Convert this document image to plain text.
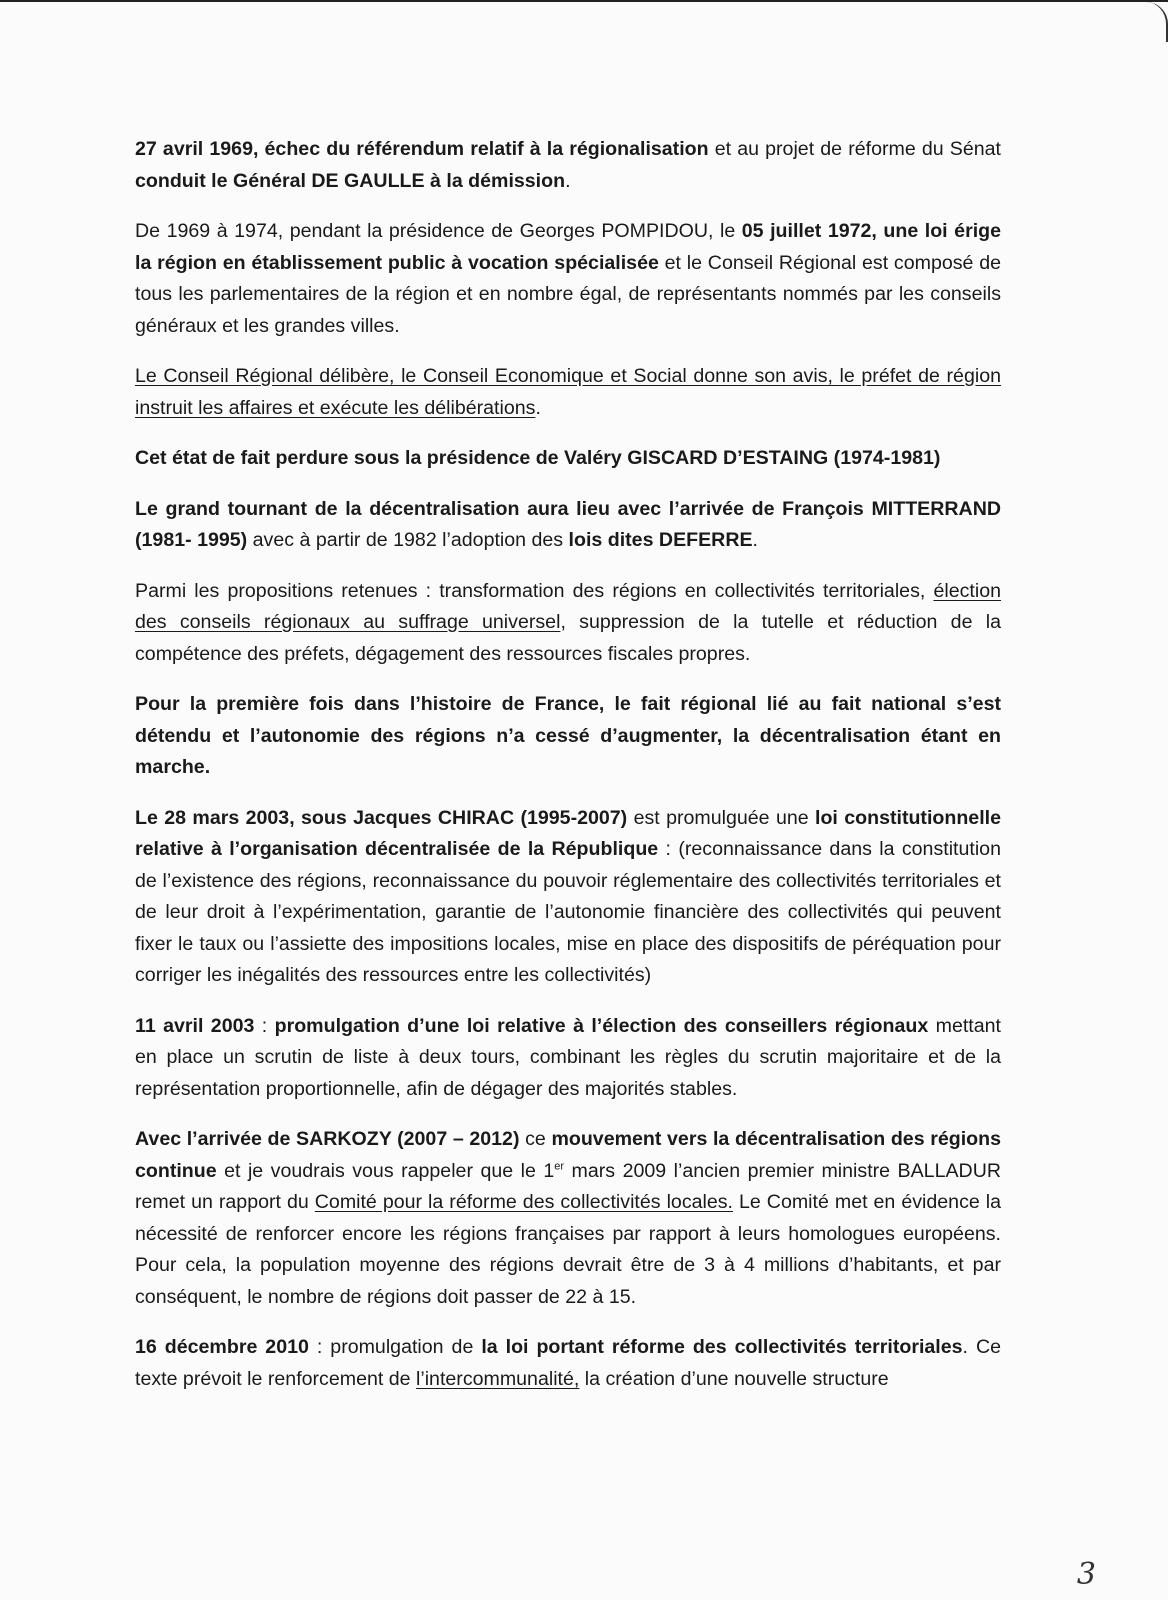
27 avril 1969, échec du référendum relatif à la régionalisation et au projet de réforme du Sénat conduit le Général DE GAULLE à la démission.

De 1969 à 1974, pendant la présidence de Georges POMPIDOU, le 05 juillet 1972, une loi érige la région en établissement public à vocation spécialisée et le Conseil Régional est composé de tous les parlementaires de la région et en nombre égal, de représentants nommés par les conseils généraux et les grandes villes.

Le Conseil Régional délibère, le Conseil Economique et Social donne son avis, le préfet de région instruit les affaires et exécute les délibérations.

Cet état de fait perdure sous la présidence de Valéry GISCARD D’ESTAING (1974-1981)

Le grand tournant de la décentralisation aura lieu avec l’arrivée de François MITTERRAND (1981- 1995) avec à partir de 1982 l’adoption des lois dites DEFERRE.

Parmi les propositions retenues : transformation des régions en collectivités territoriales, élection des conseils régionaux au suffrage universel, suppression de la tutelle et réduction de la compétence des préfets, dégagement des ressources fiscales propres.

Pour la première fois dans l’histoire de France, le fait régional lié au fait national s’est détendu et l’autonomie des régions n’a cessé d’augmenter, la décentralisation étant en marche.

Le 28 mars 2003, sous Jacques CHIRAC (1995-2007) est promulguée une loi constitutionnelle relative à l’organisation décentralisée de la République : (reconnaissance dans la constitution de l’existence des régions, reconnaissance du pouvoir réglementaire des collectivités territoriales et de leur droit à l’expérimentation, garantie de l’autonomie financière des collectivités qui peuvent fixer le taux ou l’assiette des impositions locales, mise en place des dispositifs de péréquation pour corriger les inégalités des ressources entre les collectivités)

11 avril 2003 : promulgation d’une loi relative à l’élection des conseillers régionaux mettant en place un scrutin de liste à deux tours, combinant les règles du scrutin majoritaire et de la représentation proportionnelle, afin de dégager des majorités stables.

Avec l’arrivée de SARKOZY (2007 – 2012) ce mouvement vers la décentralisation des régions continue et je voudrais vous rappeler que le 1er mars 2009 l’ancien premier ministre BALLADUR remet un rapport du Comité pour la réforme des collectivités locales. Le Comité met en évidence la nécessité de renforcer encore les régions françaises par rapport à leurs homologues européens. Pour cela, la population moyenne des régions devrait être de 3 à 4 millions d’habitants, et par conséquent, le nombre de régions doit passer de 22 à 15.

16 décembre 2010 : promulgation de la loi portant réforme des collectivités territoriales. Ce texte prévoit le renforcement de l’intercommunalité, la création d’une nouvelle structure

3
